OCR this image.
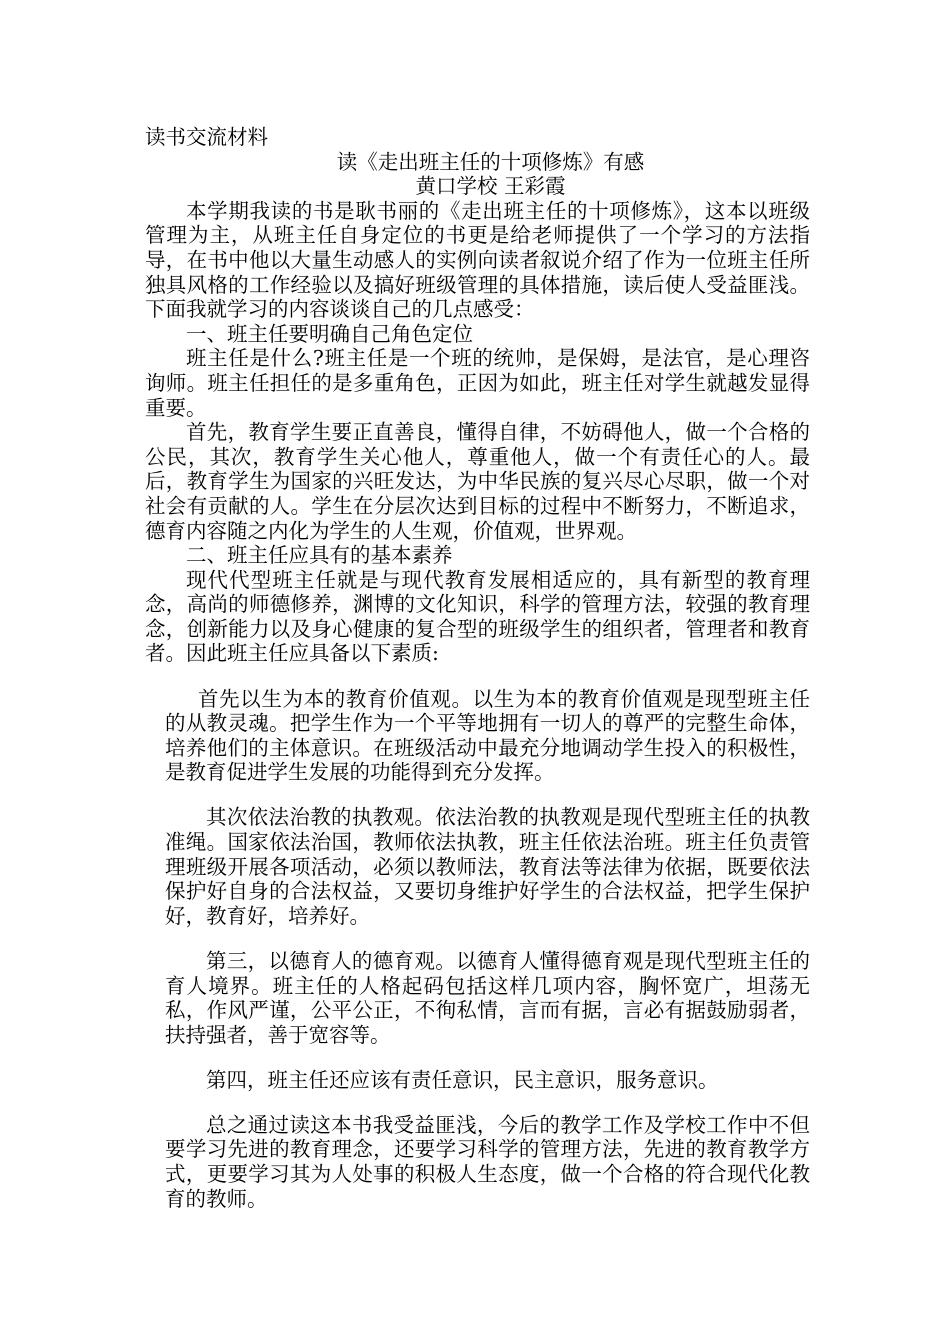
读书交流材料
读《走出班主任的十项修炼》有感
黄口学校 王彩霞

本学期我读的书是耿书丽的《走出班主任的十项修炼》，这本以班级管理为主，从班主任自身定位的书更是给老师提供了一个学习的方法指导，在书中他以大量生动感人的实例向读者叙说介绍了作为一位班主任所独具风格的工作经验以及搞好班级管理的具体措施，读后使人受益匪浅。下面我就学习的内容谈谈自己的几点感受：

一、班主任要明确自己角色定位

班主任是什么?班主任是一个班的统帅，是保姆，是法官，是心理咨询师。班主任担任的是多重角色，正因为如此，班主任对学生就越发显得重要。

首先，教育学生要正直善良，懂得自律，不妨碍他人，做一个合格的公民，其次，教育学生关心他人，尊重他人，做一个有责任心的人。最后，教育学生为国家的兴旺发达，为中华民族的复兴尽心尽职，做一个对社会有贡献的人。学生在分层次达到目标的过程中不断努力，不断追求，德育内容随之内化为学生的人生观，价值观，世界观。

二、班主任应具有的基本素养

现代代型班主任就是与现代教育发展相适应的，具有新型的教育理念，高尚的师德修养，渊博的文化知识，科学的管理方法，较强的教育理念，创新能力以及身心健康的复合型的班级学生的组织者，管理者和教育者。因此班主任应具备以下素质:

首先以生为本的教育价值观。以生为本的教育价值观是现型班主任的从教灵魂。把学生作为一个平等地拥有一切人的尊严的完整生命体，培养他们的主体意识。在班级活动中最充分地调动学生投入的积极性，是教育促进学生发展的功能得到充分发挥。

其次依法治教的执教观。依法治教的执教观是现代型班主任的执教准绳。国家依法治国，教师依法执教，班主任依法治班。班主任负责管理班级开展各项活动，必须以教师法，教育法等法律为依据，既要依法保护好自身的合法权益，又要切身维护好学生的合法权益，把学生保护好，教育好，培养好。

第三，以德育人的德育观。以德育人懂得德育观是现代型班主任的育人境界。班主任的人格起码包括这样几项内容，胸怀宽广，坦荡无私，作风严谨，公平公正，不徇私情，言而有据，言必有据鼓励弱者，扶持强者，善于宽容等。

第四，班主任还应该有责任意识，民主意识，服务意识。

总之通过读这本书我受益匪浅，今后的教学工作及学校工作中不但要学习先进的教育理念，还要学习科学的管理方法，先进的教育教学方式，更要学习其为人处事的积极人生态度，做一个合格的符合现代化教育的教师。
